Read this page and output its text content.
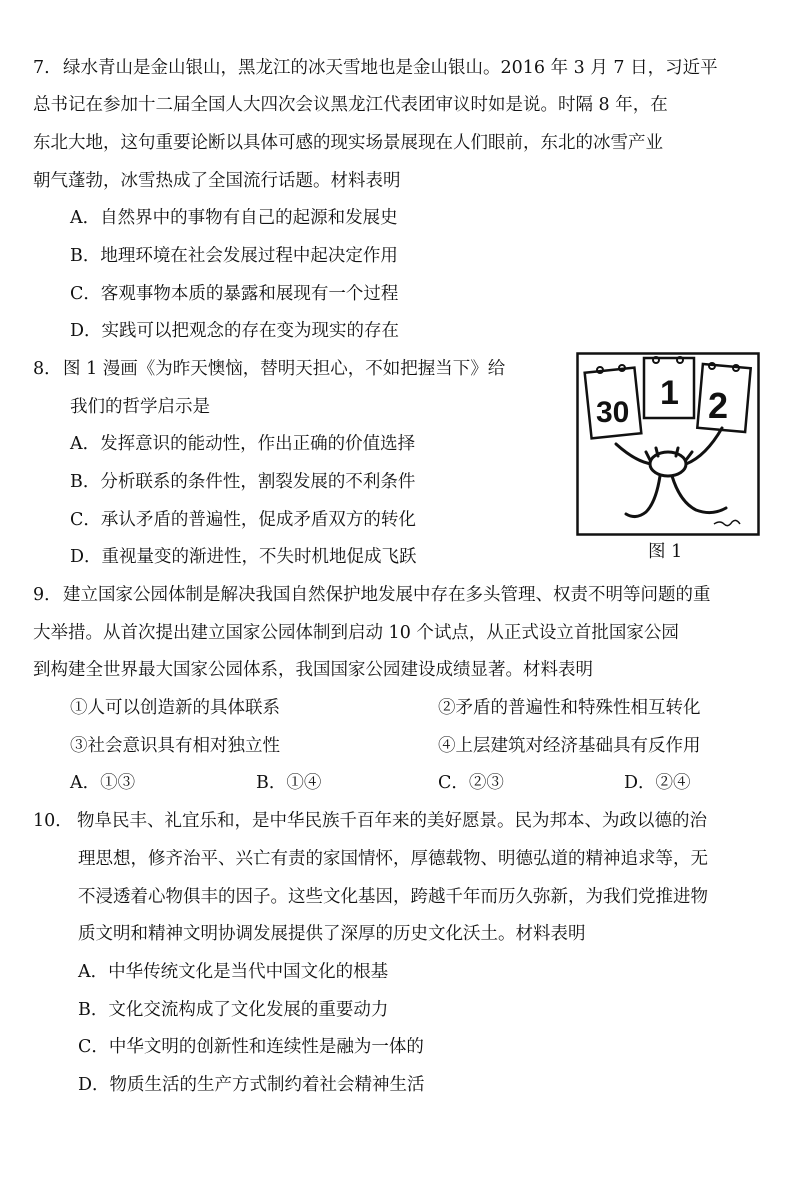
7. 绿水青山是金山银山，黑龙江的冰天雪地也是金山银山。2016 年 3 月 7 日，习近平
总书记在参加十二届全国人大四次会议黑龙江代表团审议时如是说。时隔 8 年，在
东北大地，这句重要论断以具体可感的现实场景展现在人们眼前，东北的冰雪产业
朝气蓬勃，冰雪热成了全国流行话题。材料表明
A．自然界中的事物有自己的起源和发展史
B．地理环境在社会发展过程中起决定作用
C．客观事物本质的暴露和展现有一个过程
D．实践可以把观念的存在变为现实的存在
8．图 1 漫画《为昨天懊恼，替明天担心，不如把握当下》给
我们的哲学启示是
A．发挥意识的能动性，作出正确的价值选择
B．分析联系的条件性，割裂发展的不利条件
C．承认矛盾的普遍性，促成矛盾双方的转化
D．重视量变的渐进性，不失时机地促成飞跃
30
1 2
图 1
9．建立国家公园体制是解决我国自然保护地发展中存在多头管理、权责不明等问题的重
大举措。从首次提出建立国家公园体制到启动 10 个试点，从正式设立首批国家公园
到构建全世界最大国家公园体系，我国国家公园建设成绩显著。材料表明
①人可以创造新的具体联系	②矛盾的普遍性和特殊性相互转化
③社会意识具有相对独立性	④上层建筑对经济基础具有反作用
A．①③	B．①④	C．②③	D．②④
10． 物阜民丰、礼宜乐和，是中华民族千百年来的美好愿景。民为邦本、为政以德的治
理思想，修齐治平、兴亡有责的家国情怀，厚德载物、明德弘道的精神追求等，无
不浸透着心物俱丰的因子。这些文化基因，跨越千年而历久弥新，为我们党推进物
质文明和精神文明协调发展提供了深厚的历史文化沃土。材料表明
A．中华传统文化是当代中国文化的根基
B．文化交流构成了文化发展的重要动力
C．中华文明的创新性和连续性是融为一体的
D．物质生活的生产方式制约着社会精神生活
